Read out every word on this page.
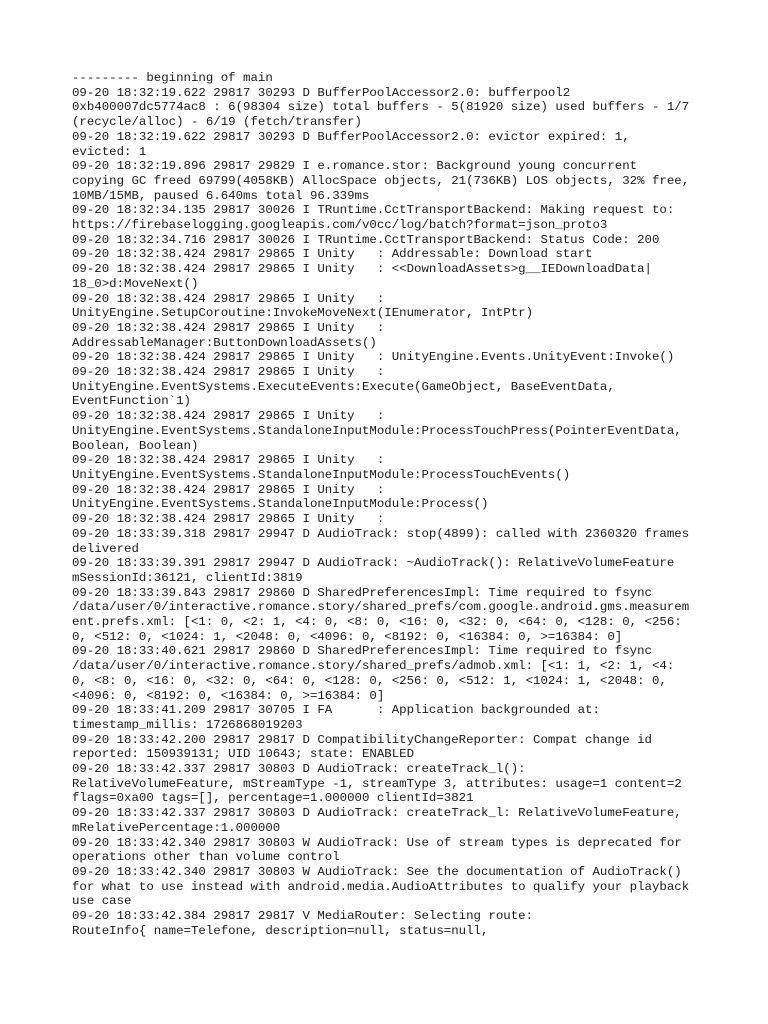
--------- beginning of main
09-20 18:32:19.622 29817 30293 D BufferPoolAccessor2.0: bufferpool2
0xb400007dc5774ac8 : 6(98304 size) total buffers - 5(81920 size) used buffers - 1/7
(recycle/alloc) - 6/19 (fetch/transfer)
09-20 18:32:19.622 29817 30293 D BufferPoolAccessor2.0: evictor expired: 1,
evicted: 1
09-20 18:32:19.896 29817 29829 I e.romance.stor: Background young concurrent
copying GC freed 69799(4058KB) AllocSpace objects, 21(736KB) LOS objects, 32% free,
10MB/15MB, paused 6.640ms total 96.339ms
09-20 18:32:34.135 29817 30026 I TRuntime.CctTransportBackend: Making request to:
https://firebaselogging.googleapis.com/v0cc/log/batch?format=json_proto3
09-20 18:32:34.716 29817 30026 I TRuntime.CctTransportBackend: Status Code: 200
09-20 18:32:38.424 29817 29865 I Unity   : Addressable: Download start
09-20 18:32:38.424 29817 29865 I Unity   : <<DownloadAssets>g__IEDownloadData|
18_0>d:MoveNext()
09-20 18:32:38.424 29817 29865 I Unity   :
UnityEngine.SetupCoroutine:InvokeMoveNext(IEnumerator, IntPtr)
09-20 18:32:38.424 29817 29865 I Unity   :
AddressableManager:ButtonDownloadAssets()
09-20 18:32:38.424 29817 29865 I Unity   : UnityEngine.Events.UnityEvent:Invoke()
09-20 18:32:38.424 29817 29865 I Unity   :
UnityEngine.EventSystems.ExecuteEvents:Execute(GameObject, BaseEventData,
EventFunction`1)
09-20 18:32:38.424 29817 29865 I Unity   :
UnityEngine.EventSystems.StandaloneInputModule:ProcessTouchPress(PointerEventData,
Boolean, Boolean)
09-20 18:32:38.424 29817 29865 I Unity   :
UnityEngine.EventSystems.StandaloneInputModule:ProcessTouchEvents()
09-20 18:32:38.424 29817 29865 I Unity   :
UnityEngine.EventSystems.StandaloneInputModule:Process()
09-20 18:32:38.424 29817 29865 I Unity   :
09-20 18:33:39.318 29817 29947 D AudioTrack: stop(4899): called with 2360320 frames
delivered
09-20 18:33:39.391 29817 29947 D AudioTrack: ~AudioTrack(): RelativeVolumeFeature
mSessionId:36121, clientId:3819
09-20 18:33:39.843 29817 29860 D SharedPreferencesImpl: Time required to fsync
/data/user/0/interactive.romance.story/shared_prefs/com.google.android.gms.measurem
ent.prefs.xml: [<1: 0, <2: 1, <4: 0, <8: 0, <16: 0, <32: 0, <64: 0, <128: 0, <256:
0, <512: 0, <1024: 1, <2048: 0, <4096: 0, <8192: 0, <16384: 0, >=16384: 0]
09-20 18:33:40.621 29817 29860 D SharedPreferencesImpl: Time required to fsync
/data/user/0/interactive.romance.story/shared_prefs/admob.xml: [<1: 1, <2: 1, <4:
0, <8: 0, <16: 0, <32: 0, <64: 0, <128: 0, <256: 0, <512: 1, <1024: 1, <2048: 0,
<4096: 0, <8192: 0, <16384: 0, >=16384: 0]
09-20 18:33:41.209 29817 30705 I FA      : Application backgrounded at:
timestamp_millis: 1726868019203
09-20 18:33:42.200 29817 29817 D CompatibilityChangeReporter: Compat change id
reported: 150939131; UID 10643; state: ENABLED
09-20 18:33:42.337 29817 30803 D AudioTrack: createTrack_l():
RelativeVolumeFeature, mStreamType -1, streamType 3, attributes: usage=1 content=2
flags=0xa00 tags=[], percentage=1.000000 clientId=3821
09-20 18:33:42.337 29817 30803 D AudioTrack: createTrack_l: RelativeVolumeFeature,
mRelativePercentage:1.000000
09-20 18:33:42.340 29817 30803 W AudioTrack: Use of stream types is deprecated for
operations other than volume control
09-20 18:33:42.340 29817 30803 W AudioTrack: See the documentation of AudioTrack()
for what to use instead with android.media.AudioAttributes to qualify your playback
use case
09-20 18:33:42.384 29817 29817 V MediaRouter: Selecting route:
RouteInfo{ name=Telefone, description=null, status=null,
